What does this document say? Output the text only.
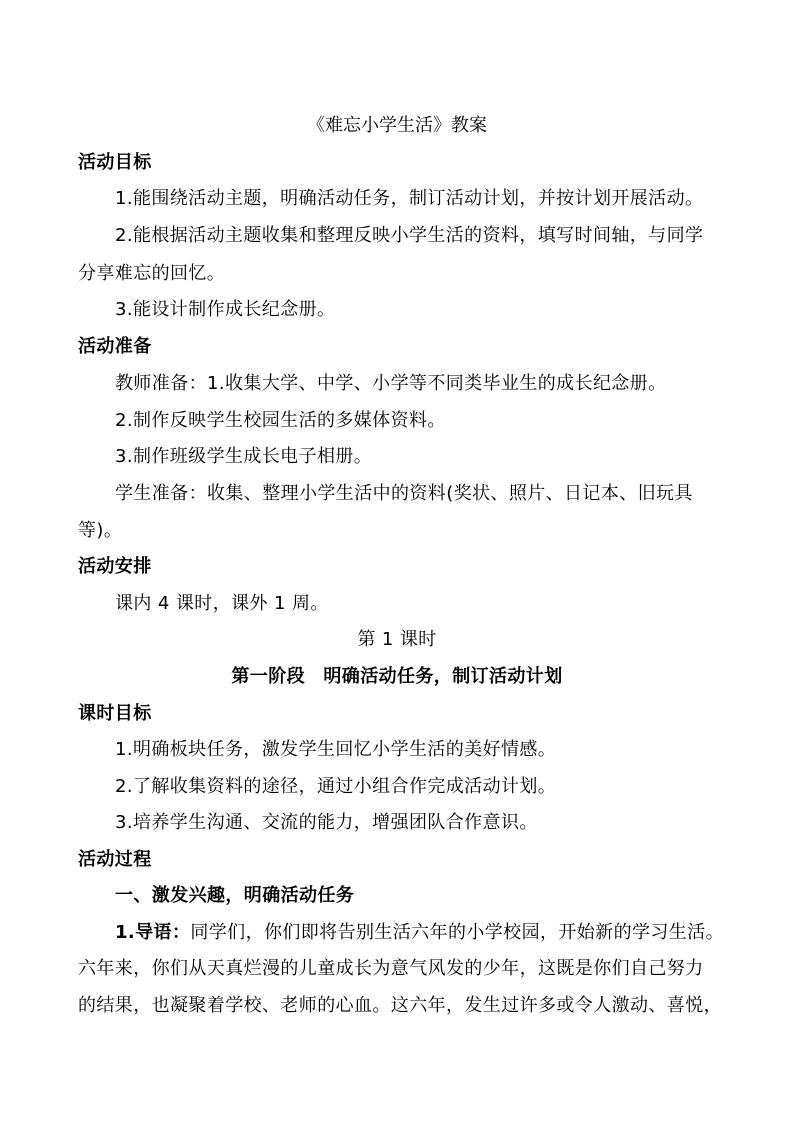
《难忘小学生活》教案
活动目标
1.能围绕活动主题，明确活动任务，制订活动计划，并按计划开展活动。
2.能根据活动主题收集和整理反映小学生活的资料，填写时间轴，与同学
分享难忘的回忆。
3.能设计制作成长纪念册。
活动准备
教师准备：1.收集大学、中学、小学等不同类毕业生的成长纪念册。
2.制作反映学生校园生活的多媒体资料。
3.制作班级学生成长电子相册。
学生准备：收集、整理小学生活中的资料(奖状、照片、日记本、旧玩具
等)。
活动安排
课内 4 课时，课外 1 周。
第 1 课时
第一阶段　明确活动任务，制订活动计划
课时目标
1.明确板块任务，激发学生回忆小学生活的美好情感。
2.了解收集资料的途径，通过小组合作完成活动计划。
3.培养学生沟通、交流的能力，增强团队合作意识。
活动过程
一、激发兴趣，明确活动任务
1.导语：同学们，你们即将告别生活六年的小学校园，开始新的学习生活。
六年来，你们从天真烂漫的儿童成长为意气风发的少年，这既是你们自己努力
的结果，也凝聚着学校、老师的心血。这六年，发生过许多或令人激动、喜悦，
